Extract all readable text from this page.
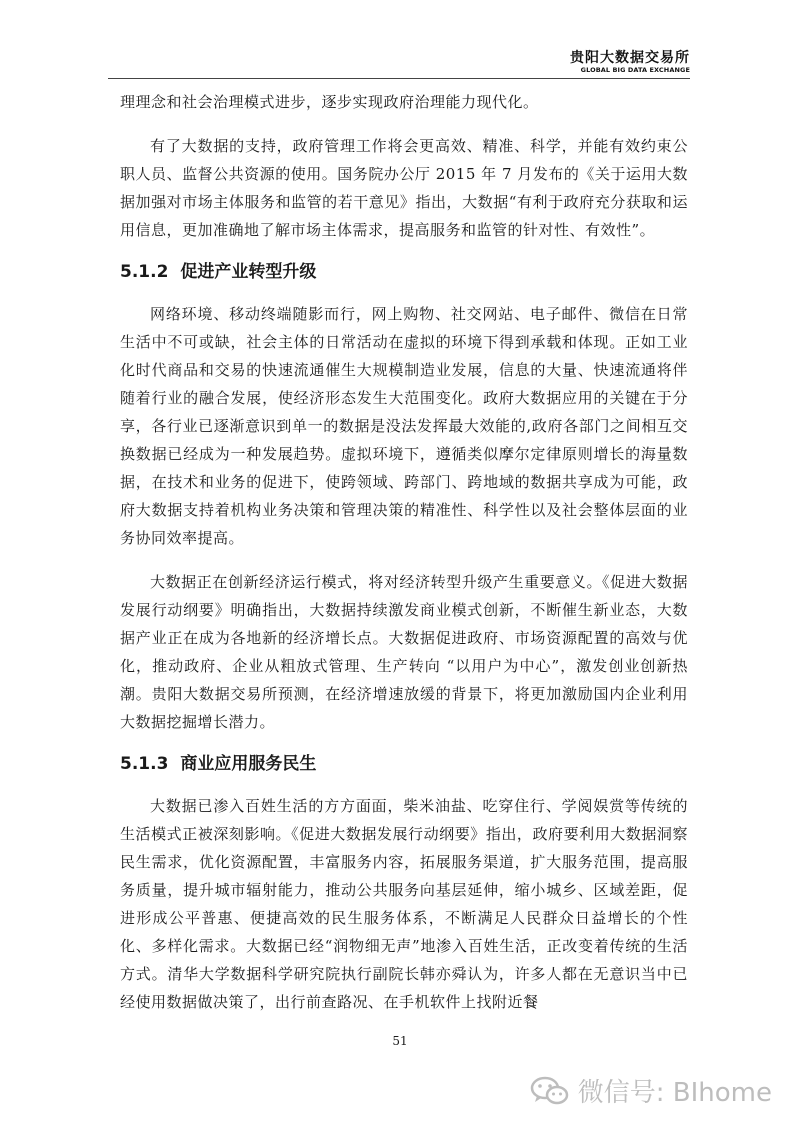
贵阳大数据交易所
GLOBAL BIG DATA EXCHANGE

理理念和社会治理模式进步，逐步实现政府治理能力现代化。

有了大数据的支持，政府管理工作将会更高效、精准、科学，并能有效约束公职人员、监督公共资源的使用。国务院办公厅 2015 年 7 月发布的《关于运用大数据加强对市场主体服务和监管的若干意见》指出，大数据“有利于政府充分获取和运用信息，更加准确地了解市场主体需求，提高服务和监管的针对性、有效性”。

5.1.2 促进产业转型升级

网络环境、移动终端随影而行，网上购物、社交网站、电子邮件、微信在日常生活中不可或缺，社会主体的日常活动在虚拟的环境下得到承载和体现。正如工业化时代商品和交易的快速流通催生大规模制造业发展，信息的大量、快速流通将伴随着行业的融合发展，使经济形态发生大范围变化。政府大数据应用的关键在于分享，各行业已逐渐意识到单一的数据是没法发挥最大效能的,政府各部门之间相互交换数据已经成为一种发展趋势。虚拟环境下，遵循类似摩尔定律原则增长的海量数据，在技术和业务的促进下，使跨领域、跨部门、跨地域的数据共享成为可能，政府大数据支持着机构业务决策和管理决策的精准性、科学性以及社会整体层面的业务协同效率提高。

大数据正在创新经济运行模式，将对经济转型升级产生重要意义。《促进大数据发展行动纲要》明确指出，大数据持续激发商业模式创新，不断催生新业态，大数据产业正在成为各地新的经济增长点。大数据促进政府、市场资源配置的高效与优化，推动政府、企业从粗放式管理、生产转向 “以用户为中心”，激发创业创新热潮。贵阳大数据交易所预测，在经济增速放缓的背景下，将更加激励国内企业利用大数据挖掘增长潜力。

5.1.3 商业应用服务民生

大数据已渗入百姓生活的方方面面，柴米油盐、吃穿住行、学阅娱赏等传统的生活模式正被深刻影响。《促进大数据发展行动纲要》指出，政府要利用大数据洞察民生需求，优化资源配置，丰富服务内容，拓展服务渠道，扩大服务范围，提高服务质量，提升城市辐射能力，推动公共服务向基层延伸，缩小城乡、区域差距，促进形成公平普惠、便捷高效的民生服务体系，不断满足人民群众日益增长的个性化、多样化需求。大数据已经“润物细无声”地渗入百姓生活，正改变着传统的生活方式。清华大学数据科学研究院执行副院长韩亦舜认为，许多人都在无意识当中已经使用数据做决策了，出行前查路况、在手机软件上找附近餐

51
微信号: BIhome
